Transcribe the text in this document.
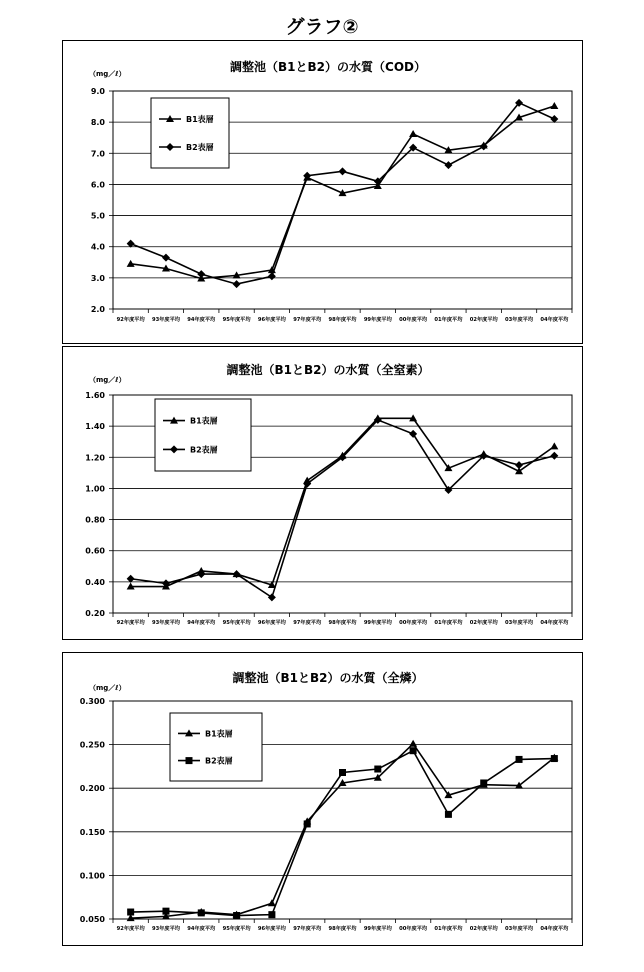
グラフ②
調整池（B1とB2）の水質（COD）
（mg／ℓ）
2.0
3.0
4.0
5.0
6.0
7.0
8.0
9.0
92年度平均 93年度平均 94年度平均 95年度平均 96年度平均 97年度平均 98年度平均 99年度平均 00年度平均 01年度平均 02年度平均 03年度平均 04年度平均
B1表層
B2表層
調整池（B1とB2）の水質（全窒素）
（mg／ℓ）
0.20
0.40
0.60
0.80
1.00
1.20
1.40
1.60
92年度平均 93年度平均 94年度平均 95年度平均 96年度平均 97年度平均 98年度平均 99年度平均 00年度平均 01年度平均 02年度平均 03年度平均 04年度平均
B1表層
B2表層
調整池（B1とB2）の水質（全燐）
（mg／ℓ）
0.050
0.100
0.150
0.200
0.250
0.300
92年度平均 93年度平均 94年度平均 95年度平均 96年度平均 97年度平均 98年度平均 99年度平均 00年度平均 01年度平均 02年度平均 03年度平均 04年度平均
B1表層
B2表層
